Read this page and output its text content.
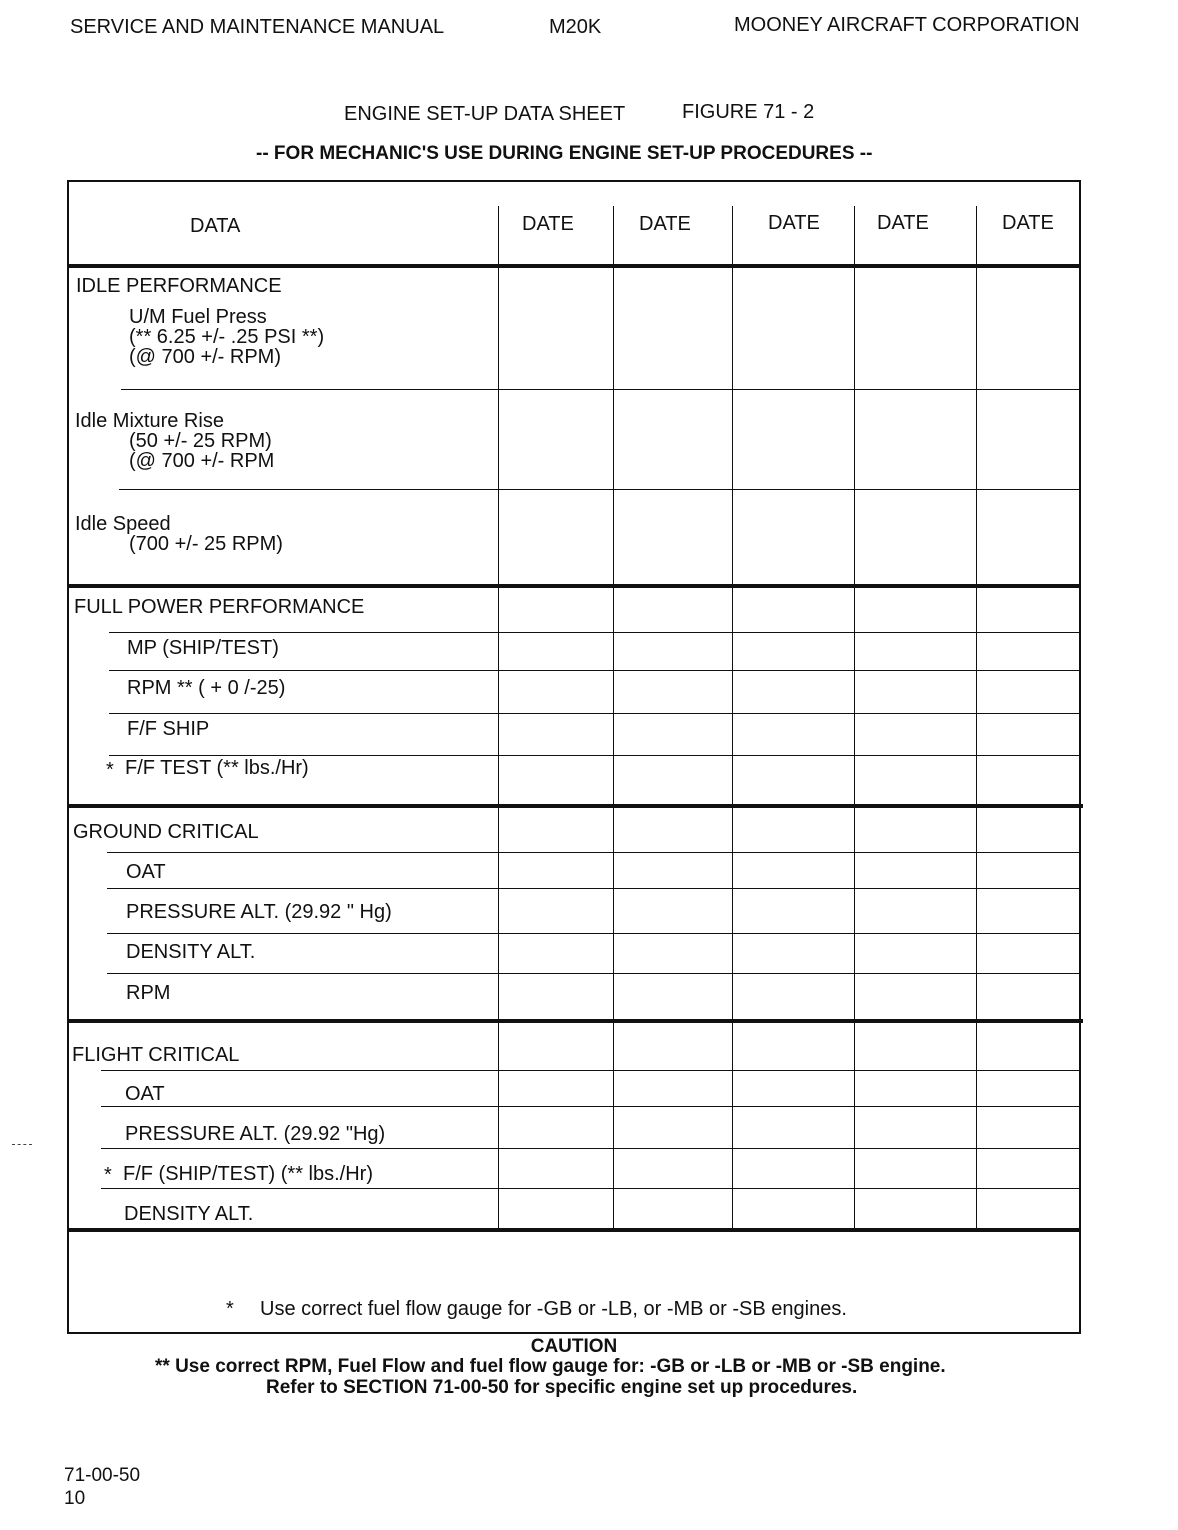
SERVICE AND MAINTENANCE MANUAL	M20K	MOONEY AIRCRAFT CORPORATION
ENGINE SET-UP DATA SHEET	FIGURE 71 - 2
-- FOR MECHANIC'S USE DURING ENGINE SET-UP PROCEDURES --
DATA	DATE	DATE	DATE	DATE	DATE
IDLE PERFORMANCE
U/M Fuel Press
(** 6.25 +/- .25 PSI **)
(@ 700 +/- RPM)
Idle Mixture Rise
(50 +/- 25 RPM)
(@ 700 +/- RPM
Idle Speed
(700 +/- 25 RPM)
FULL POWER PERFORMANCE
MP (SHIP/TEST)
RPM ** ( + 0 /-25)
F/F SHIP
* F/F TEST (** lbs./Hr)
GROUND CRITICAL
OAT
PRESSURE ALT. (29.92 " Hg)
DENSITY ALT.
RPM
FLIGHT CRITICAL
OAT
PRESSURE ALT. (29.92 "Hg)
* F/F (SHIP/TEST) (** lbs./Hr)
DENSITY ALT.
* Use correct fuel flow gauge for -GB or -LB, or -MB or -SB engines.
CAUTION
** Use correct RPM, Fuel Flow and fuel flow gauge for: -GB or -LB or -MB or -SB engine.
Refer to SECTION 71-00-50 for specific engine set up procedures.
71-00-50
10
